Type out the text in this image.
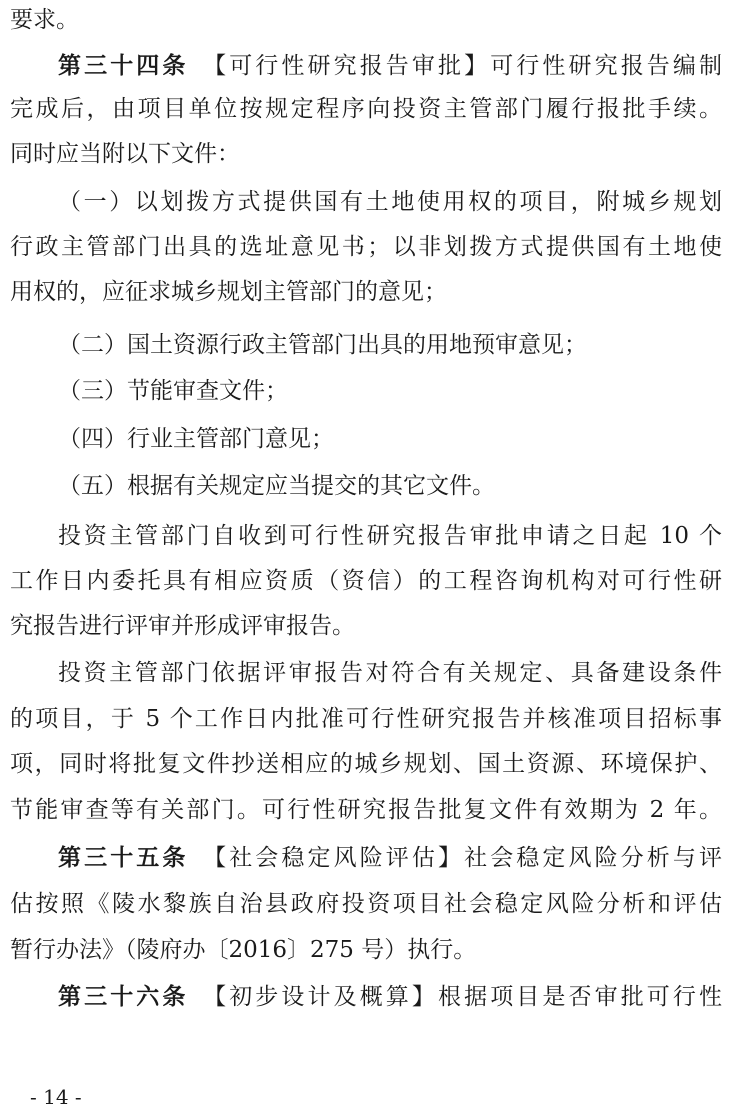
要求。
第三十四条　 【可行性研究报告审批】可行性研究报告编制
完成后，由项目单位按规定程序向投资主管部门履行报批手续。
同时应当附以下文件：
（一）以划拨方式提供国有土地使用权的项目，附城乡规划
行政主管部门出具的选址意见书；以非划拨方式提供国有土地使
用权的，应征求城乡规划主管部门的意见；
（二）国土资源行政主管部门出具的用地预审意见；
（三）节能审查文件；
（四）行业主管部门意见；
（五）根据有关规定应当提交的其它文件。
投资主管部门自收到可行性研究报告审批申请之日起 10 个
工作日内委托具有相应资质（资信）的工程咨询机构对可行性研
究报告进行评审并形成评审报告。
投资主管部门依据评审报告对符合有关规定、具备建设条件
的项目，于 5 个工作日内批准可行性研究报告并核准项目招标事
项，同时将批复文件抄送相应的城乡规划、国土资源、环境保护、
节能审查等有关部门。可行性研究报告批复文件有效期为 2 年。
第三十五条　 【社会稳定风险评估】社会稳定风险分析与评
估按照《陵水黎族自治县政府投资项目社会稳定风险分析和评估
暂行办法》（陵府办〔2016〕275 号）执行。
第三十六条　 【初步设计及概算】根据项目是否审批可行性
- 14 -
